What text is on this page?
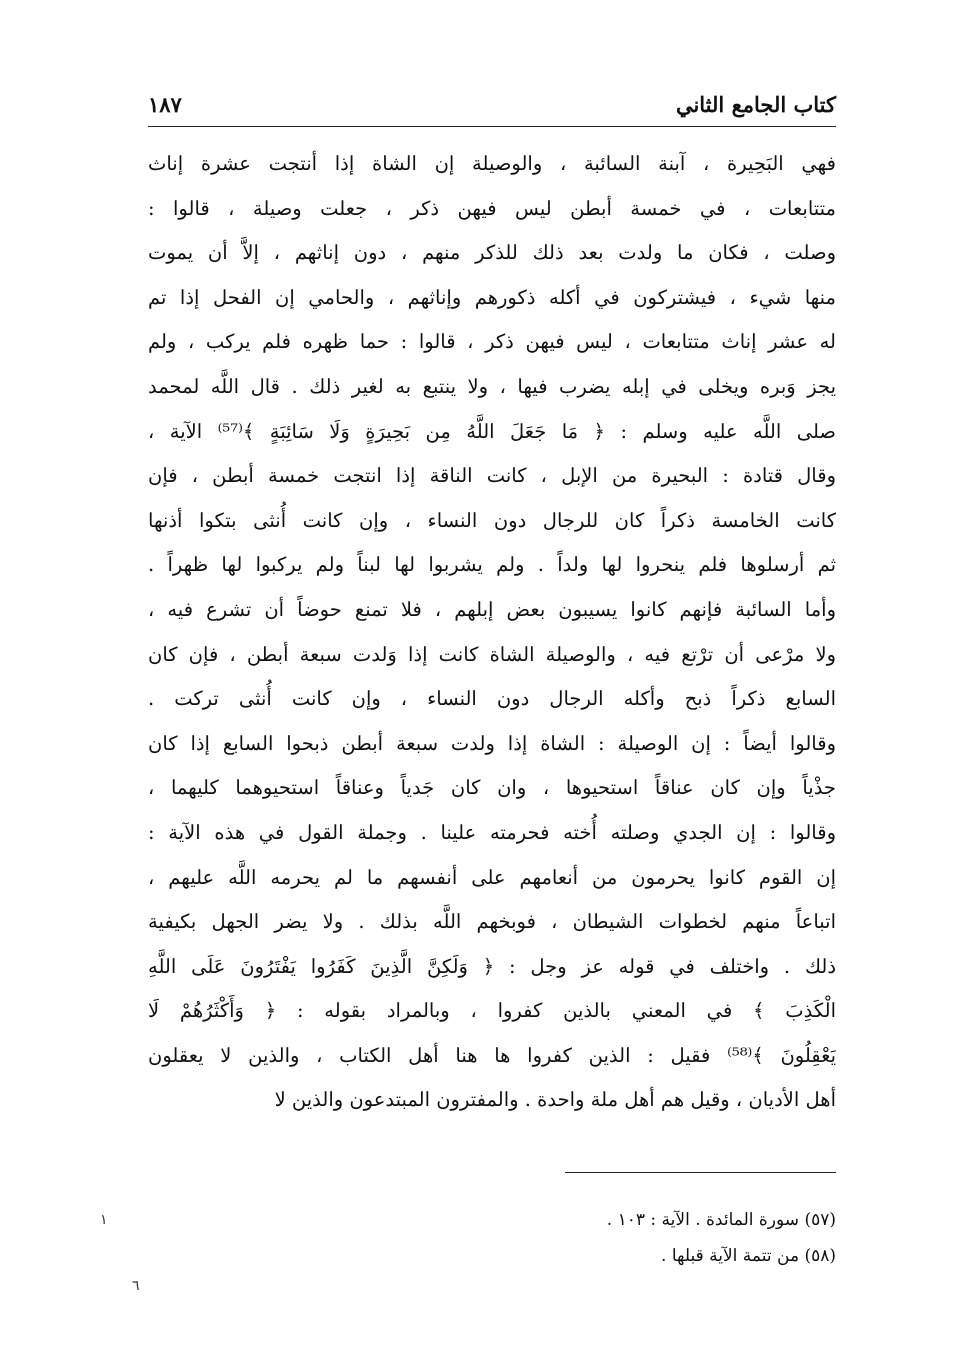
كتاب الجامع الثاني
١٨٧
فهي البَحِيرة ، آبنة السائبة ، والوصيلة إن الشاة إذا أنتجت عشرة إناث
متتابعات ، في خمسة أبطن ليس فيهن ذكر ، جعلت وصيلة ، قالوا :
وصلت ، فكان ما ولدت بعد ذلك للذكر منهم ، دون إناثهم ، إلاَّ أن يموت
منها شيء ، فيشتركون في أكله ذكورهم وإناثهم ، والحامي إن الفحل إذا تم
له عشر إناث متتابعات ، ليس فيهن ذكر ، قالوا : حما ظهره فلم يركب ، ولم
يجز وَبره ويخلى في إبله يضرب فيها ، ولا ينتبع به لغير ذلك . قال اللَّه لمحمد
صلى اللَّه عليه وسلم : ﴿ مَا جَعَلَ اللَّهُ مِن بَحِيرَةٍ وَلَا سَائِبَةٍ ﴾⁽⁵⁷⁾ الآية ،
وقال قتادة : البحيرة من الإبل ، كانت الناقة إذا انتجت خمسة أبطن ، فإن
كانت الخامسة ذكراً كان للرجال دون النساء ، وإن كانت أُنثى بتكوا أذنها
ثم أرسلوها فلم ينحروا لها ولداً . ولم يشربوا لها لبناً ولم يركبوا لها ظهراً .
وأما السائبة فإنهم كانوا يسيبون بعض إبلهم ، فلا تمنع حوضاً أن تشرع فيه ،
ولا مرْعى أن ترْتع فيه ، والوصيلة الشاة كانت إذا وَلدت سبعة أبطن ، فإن كان
السابع ذكراً ذبح وأكله الرجال دون النساء ، وإن كانت أُنثى تركت .
وقالوا أيضاً : إن الوصيلة : الشاة إذا ولدت سبعة أبطن ذبحوا السابع إذا كان
جذْياً وإن كان عناقاً استحيوها ، وان كان جَدياً وعناقاً استحيوهما كليهما ،
وقالوا : إن الجدي وصلته أُخته فحرمته علينا . وجملة القول في هذه الآية :
إن القوم كانوا يحرمون من أنعامهم على أنفسهم ما لم يحرمه اللَّه عليهم ،
اتباعاً منهم لخطوات الشيطان ، فوبخهم اللَّه بذلك . ولا يضر الجهل بكيفية
ذلك . واختلف في قوله عز وجل : ﴿ وَلَكِنَّ الَّذِينَ كَفَرُوا يَفْتَرُونَ عَلَى اللَّهِ
الْكَذِبَ ﴾ في المعني بالذين كفروا ، وبالمراد بقوله : ﴿ وَأَكْثَرُهُمْ لَا
يَعْقِلُونَ ﴾⁽⁵⁸⁾ فقيل : الذين كفروا ها هنا أهل الكتاب ، والذين لا يعقلون
أهل الأديان ، وقيل هم أهل ملة واحدة . والمفترون المبتدعون والذين لا
(٥٧) سورة المائدة . الآية : ١٠٣ .
(٥٨) من تتمة الآية قبلها .
١
٦
